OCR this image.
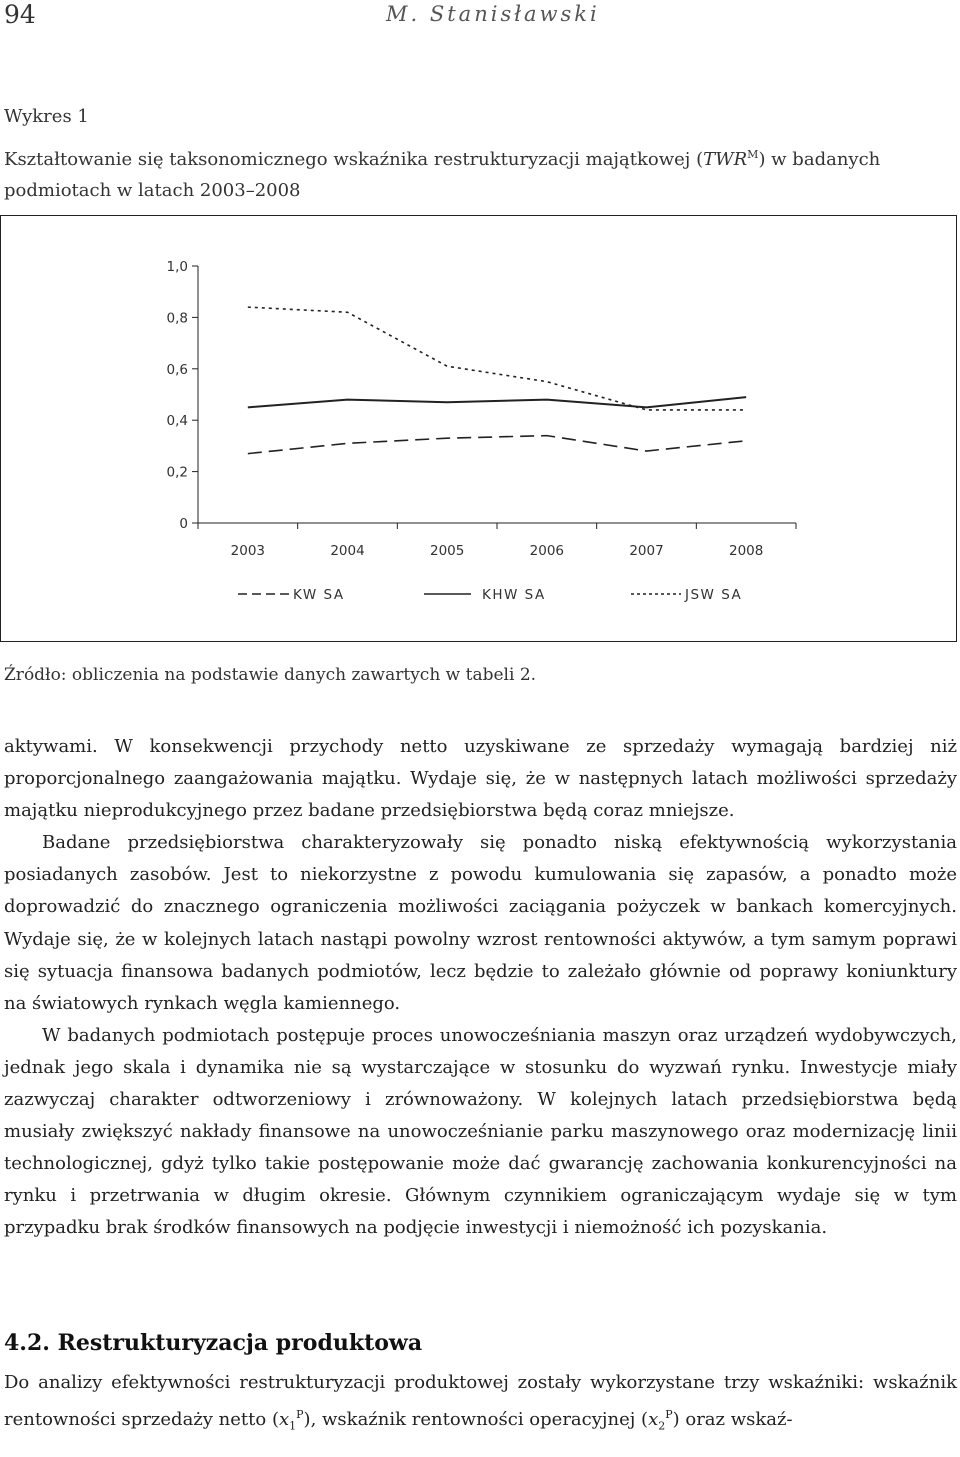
94	M. Stanisławski
Wykres 1
Kształtowanie się taksonomicznego wskaźnika restrukturyzacji majątkowej $(TWR^M)$ w badanych podmiotach w latach 2003–2008
1,0
0,8
0,6
0,4
0,2
0
2003	2004	2005	2006	2007	2008
KW SA	KHW SA	JSW SA
Źródło: obliczenia na podstawie danych zawartych w tabeli 2.

aktywami. W konsekwencji przychody netto uzyskiwane ze sprzedaży wymagają bardziej niż proporcjonalnego zaangażowania majątku. Wydaje się, że w następnych latach możliwości sprzedaży majątku nieprodukcyjnego przez badane przedsiębiorstwa będą coraz mniejsze.

Badane przedsiębiorstwa charakteryzowały się ponadto niską efektywnością wykorzystania posiadanych zasobów. Jest to niekorzystne z powodu kumulowania się zapasów, a ponadto może doprowadzić do znacznego ograniczenia możliwości zaciągania pożyczek w bankach komercyjnych. Wydaje się, że w kolejnych latach nastąpi powolny wzrost rentowności aktywów, a tym samym poprawi się sytuacja finansowa badanych podmiotów, lecz będzie to zależało głównie od poprawy koniunktury na światowych rynkach węgla kamiennego.

W badanych podmiotach postępuje proces unowocześniania maszyn oraz urządzeń wydobywczych, jednak jego skala i dynamika nie są wystarczające w stosunku do wyzwań rynku. Inwestycje miały zazwyczaj charakter odtworzeniowy i zrównoważony. W kolejnych latach przedsiębiorstwa będą musiały zwiększyć nakłady finansowe na unowocześnianie parku maszynowego oraz modernizację linii technologicznej, gdyż tylko takie postępowanie może dać gwarancję zachowania konkurencyjności na rynku i przetrwania w długim okresie. Głównym czynnikiem ograniczającym wydaje się w tym przypadku brak środków finansowych na podjęcie inwestycji i niemożność ich pozyskania.

4.2. Restrukturyzacja produktowa
Do analizy efektywności restrukturyzacji produktowej zostały wykorzystane trzy wskaźniki: wskaźnik rentowności sprzedaży netto $(x_1^P)$, wskaźnik rentowności operacyjnej $(x_2^P)$ oraz wskaź-
